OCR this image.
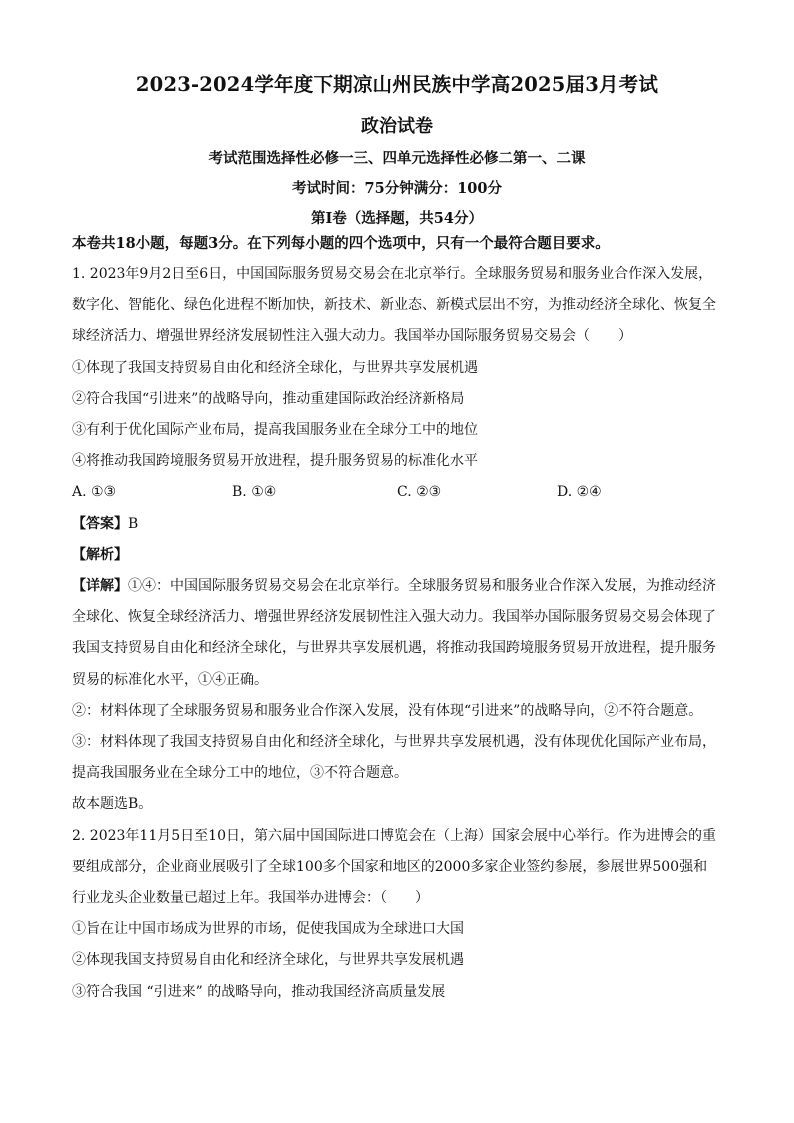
2023-2024学年度下期凉山州民族中学高2025届3月考试
政治试卷
考试范围选择性必修一三、四单元选择性必修二第一、二课
考试时间：75分钟满分：100分
第Ⅰ卷（选择题，共54分）
本卷共18小题，每题3分。在下列每小题的四个选项中，只有一个最符合题目要求。
1. 2023年9月2日至6日，中国国际服务贸易交易会在北京举行。全球服务贸易和服务业合作深入发展，
数字化、智能化、绿色化进程不断加快，新技术、新业态、新模式层出不穷，为推动经济全球化、恢复全
球经济活力、增强世界经济发展韧性注入强大动力。我国举办国际服务贸易交易会（　　）
①体现了我国支持贸易自由化和经济全球化，与世界共享发展机遇
②符合我国“引进来”的战略导向，推动重建国际政治经济新格局
③有利于优化国际产业布局，提高我国服务业在全球分工中的地位
④将推动我国跨境服务贸易开放进程，提升服务贸易的标准化水平
A. ①③	B. ①④	C. ②③	D. ②④
【答案】B
【解析】
【详解】①④：中国国际服务贸易交易会在北京举行。全球服务贸易和服务业合作深入发展，为推动经济
全球化、恢复全球经济活力、增强世界经济发展韧性注入强大动力。我国举办国际服务贸易交易会体现了
我国支持贸易自由化和经济全球化，与世界共享发展机遇，将推动我国跨境服务贸易开放进程，提升服务
贸易的标准化水平，①④正确。
②：材料体现了全球服务贸易和服务业合作深入发展，没有体现“引进来”的战略导向，②不符合题意。
③：材料体现了我国支持贸易自由化和经济全球化，与世界共享发展机遇，没有体现优化国际产业布局，
提高我国服务业在全球分工中的地位，③不符合题意。
故本题选B。
2. 2023年11月5日至10日，第六届中国国际进口博览会在（上海）国家会展中心举行。作为进博会的重
要组成部分，企业商业展吸引了全球100多个国家和地区的2000多家企业签约参展，参展世界500强和
行业龙头企业数量已超过上年。我国举办进博会：（　　）
①旨在让中国市场成为世界的市场，促使我国成为全球进口大国
②体现我国支持贸易自由化和经济全球化，与世界共享发展机遇
③符合我国 “引进来” 的战略导向，推动我国经济高质量发展
